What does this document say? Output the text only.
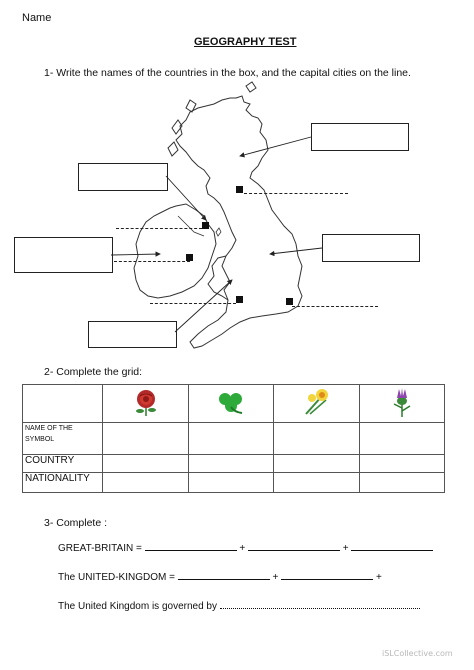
Name
GEOGRAPHY TEST
1- Write the names of the countries in the box, and the capital cities on the line.
2- Complete the grid:

NAME OF THE SYMBOL				
COUNTRY				
NATIONALITY				
3- Complete :
GREAT-BRITAIN =	+	+
The UNITED-KINGDOM =	+	+
The United Kingdom is governed by
iSLCollective.com
